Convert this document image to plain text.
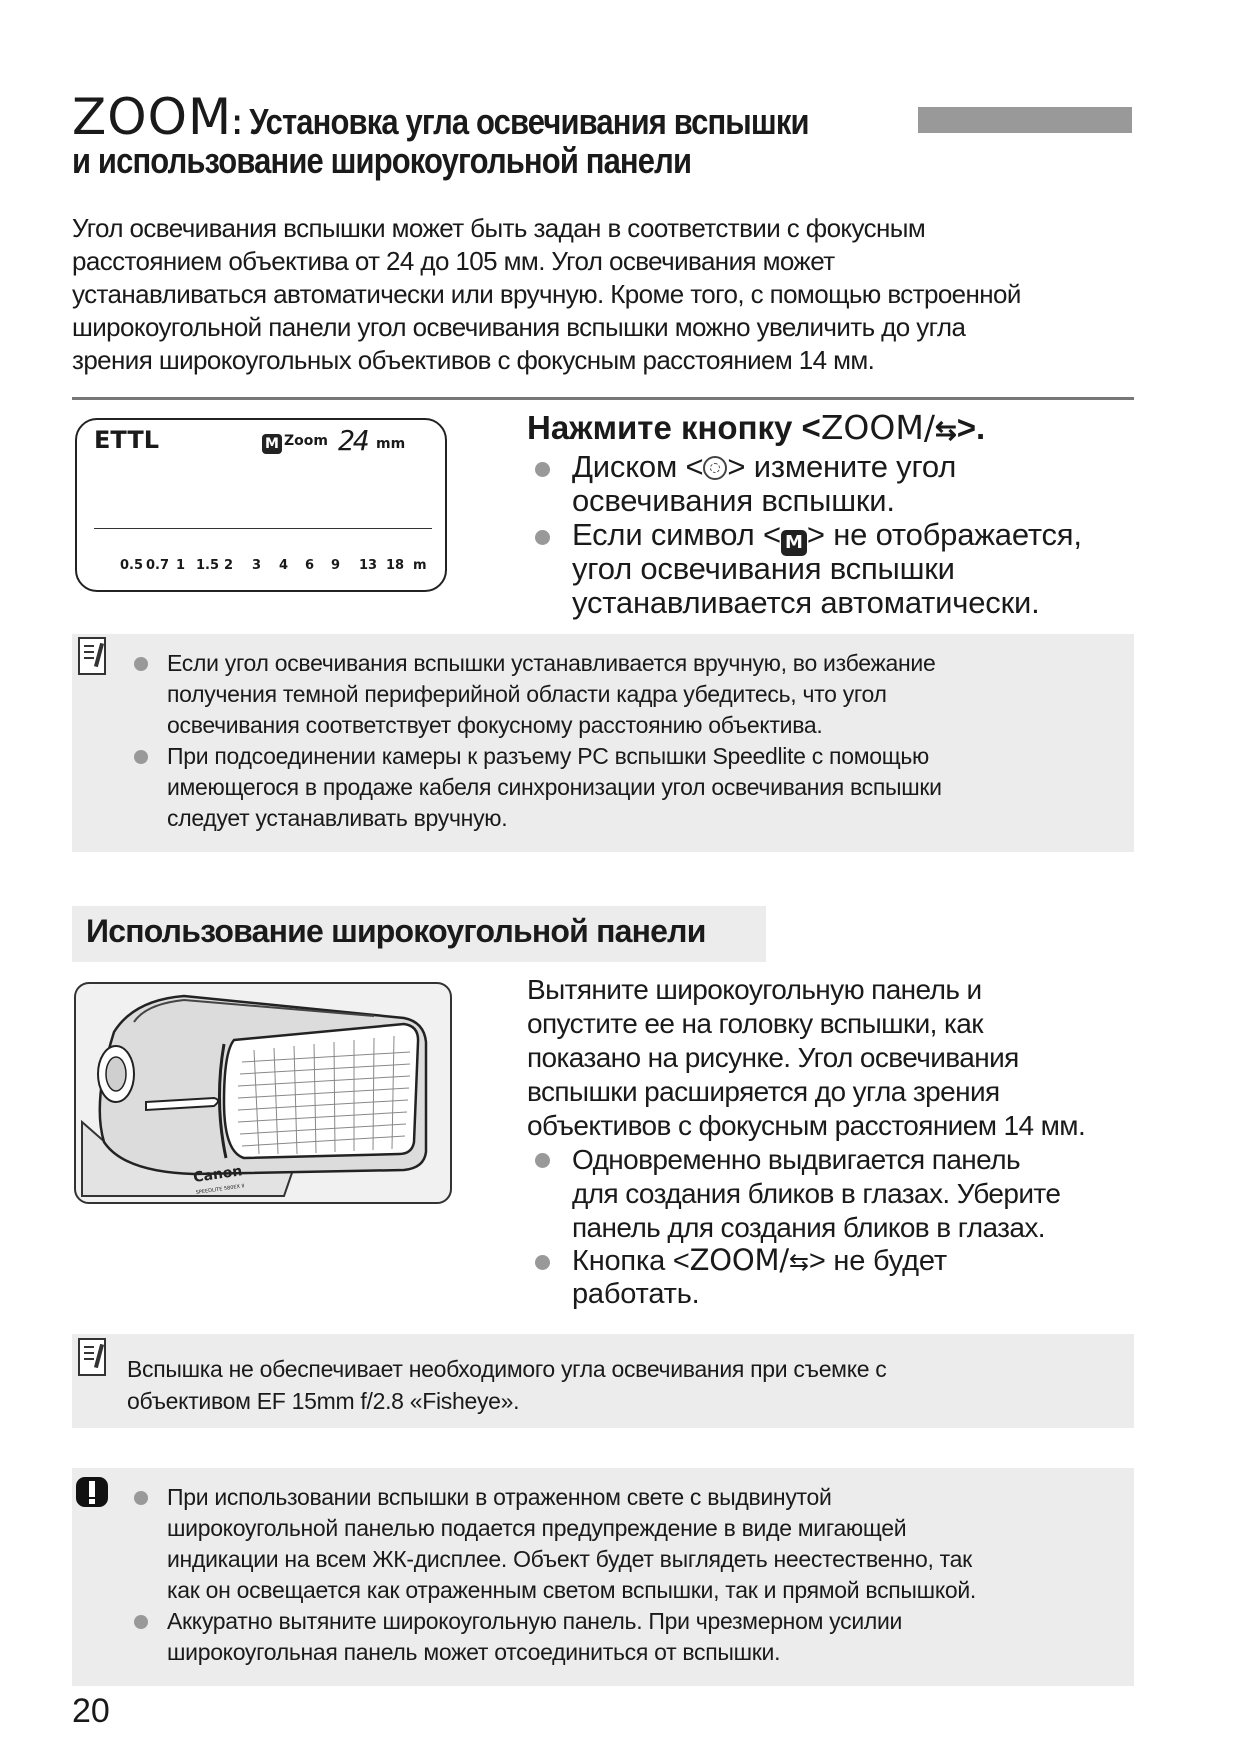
ZOOM: Установка угла освечивания вспышки
и использование широкоугольной панели

Угол освечивания вспышки может быть задан в соответствии с фокусным

расстоянием объектива от 24 до 105 мм. Угол освечивания может

устанавливаться автоматически или вручную. Кроме того, с помощью встроенной

широкоугольной панели угол освечивания вспышки можно увеличить до угла

зрения широкоугольных объективов с фокусным расстоянием 14 мм.

ETTL	M Zoom 24 mm
0.5 0.7 1 1.5 2	3	4	6	9	13 18 m
Нажмите кнопку <ZOOM/⇆>.
Диском < > измените угол
освечивания вспышки.
Если символ < M > не отображается,
угол освечивания вспышки
устанавливается автоматически.
Если угол освечивания вспышки устанавливается вручную, во избежание
получения темной периферийной области кадра убедитесь, что угол
освечивания соответствует фокусному расстоянию объектива.
При подсоединении камеры к разъему PC вспышки Speedlite с помощью
имеющегося в продаже кабеля синхронизации угол освечивания вспышки
следует устанавливать вручную.
Использование широкоугольной панели
Canon
SPEEDLITE 580EX II
Вытяните широкоугольную панель и
опустите ее на головку вспышки, как
показано на рисунке. Угол освечивания
вспышки расширяется до угла зрения
объективов с фокусным расстоянием 14 мм.
Одновременно выдвигается панель
для создания бликов в глазах. Уберите
панель для создания бликов в глазах.
Кнопка <ZOOM/⇆> не будет
работать.
Вспышка не обеспечивает необходимого угла освечивания при съемке с
объективом EF 15mm f/2.8 «Fisheye».
При использовании вспышки в отраженном свете с выдвинутой
широкоугольной панелью подается предупреждение в виде мигающей
индикации на всем ЖК-дисплее. Объект будет выглядеть неестественно, так
как он освещается как отраженным светом вспышки, так и прямой вспышкой.
Аккуратно вытяните широкоугольную панель. При чрезмерном усилии
широкоугольная панель может отсоединиться от вспышки.
20
